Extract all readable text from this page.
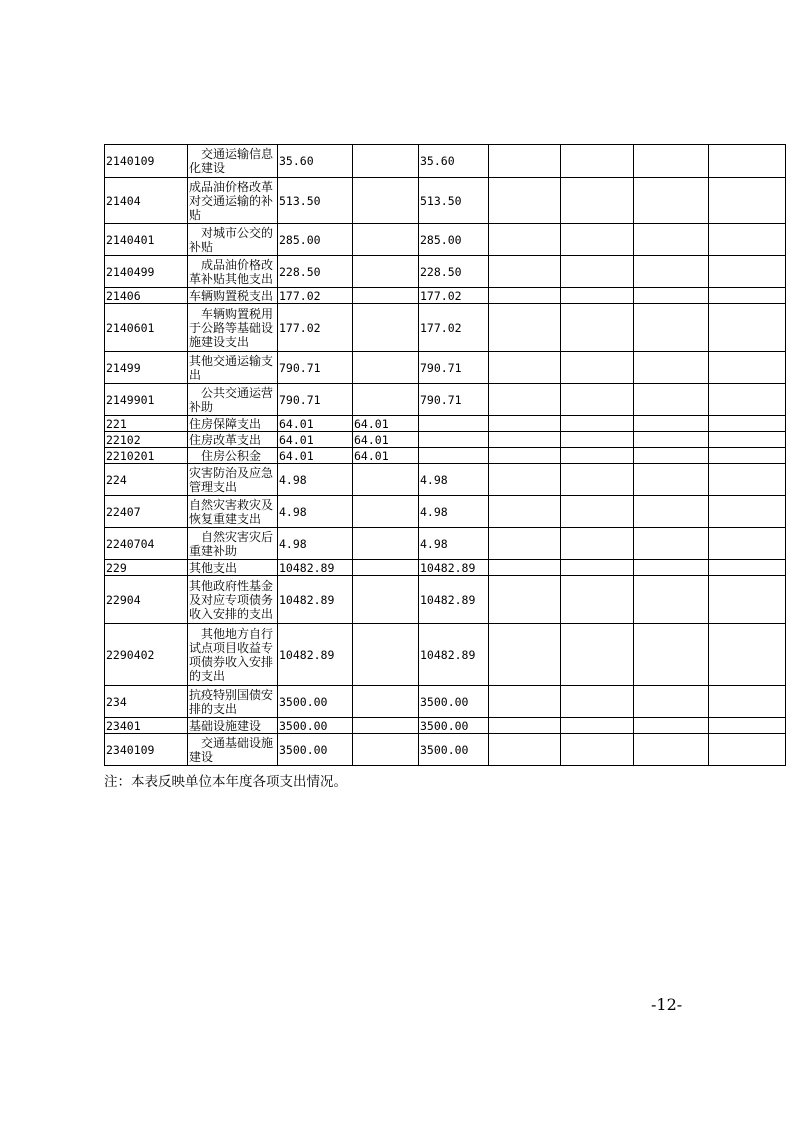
2140109	交通运输信息化建设	35.60		35.60				
21404	成品油价格改革对交通运输的补贴	513.50		513.50				
2140401	对城市公交的补贴	285.00		285.00				
2140499	成品油价格改革补贴其他支出	228.50		228.50				
21406	车辆购置税支出	177.02		177.02				
2140601	车辆购置税用于公路等基础设施建设支出	177.02		177.02				
21499	其他交通运输支出	790.71		790.71				
2149901	公共交通运营补助	790.71		790.71				
221	住房保障支出	64.01	64.01					
22102	住房改革支出	64.01	64.01					
2210201	住房公积金	64.01	64.01					
224	灾害防治及应急管理支出	4.98		4.98				
22407	自然灾害救灾及恢复重建支出	4.98		4.98				
2240704	自然灾害灾后重建补助	4.98		4.98				
229	其他支出	10482.89		10482.89				
22904	其他政府性基金及对应专项债务收入安排的支出	10482.89		10482.89				
2290402	其他地方自行试点项目收益专项债券收入安排的支出	10482.89		10482.89				
234	抗疫特别国债安排的支出	3500.00		3500.00				
23401	基础设施建设	3500.00		3500.00				
2340109	交通基础设施建设	3500.00		3500.00				
注：本表反映单位本年度各项支出情况。
-12-
